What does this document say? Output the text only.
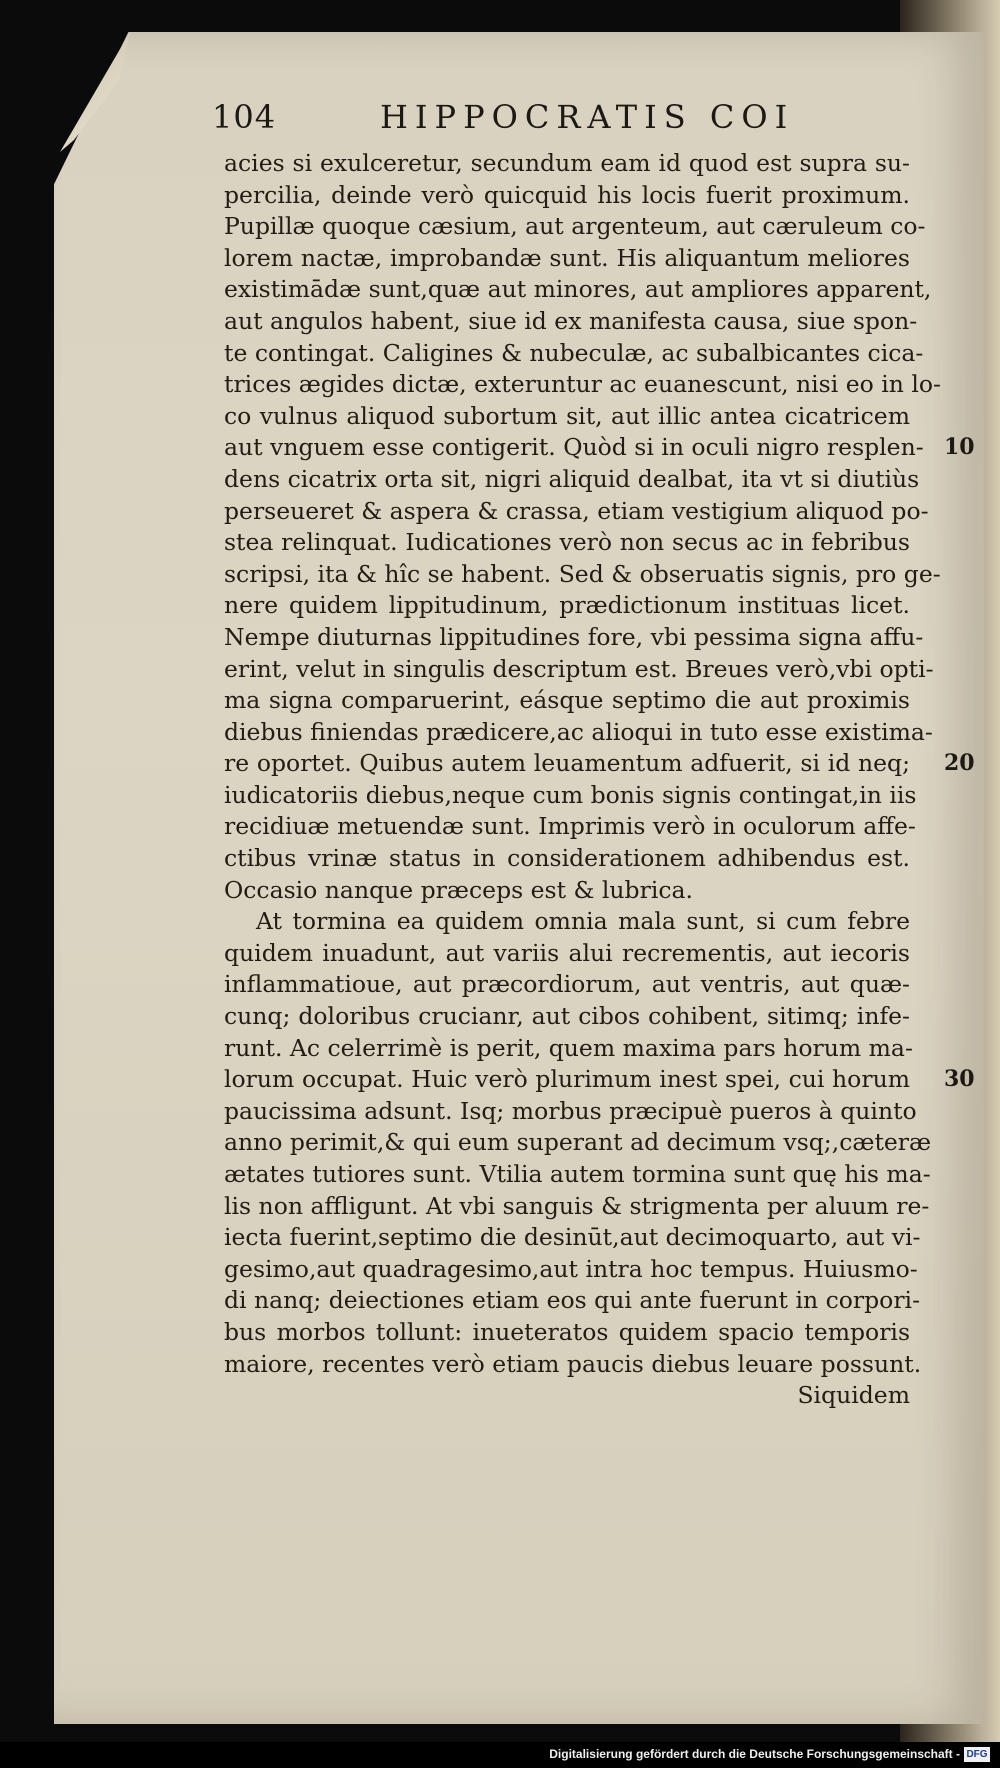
104	HIPPOCRATIS COI
acies si exulceretur, secundum eam id quod est supra su-
percilia, deinde verò quicquid his locis fuerit proximum.
Pupillæ quoque cæsium, aut argenteum, aut cæruleum co-
lorem nactæ, improbandæ sunt. His aliquantum meliores
existimādæ sunt,quæ aut minores, aut ampliores apparent,
aut angulos habent, siue id ex manifesta causa, siue spon-
te contingat. Caligines & nubeculæ, ac subalbicantes cica-
trices ægides dictæ, exteruntur ac euanescunt, nisi eo in lo-
co vulnus aliquod subortum sit, aut illic antea cicatricem
aut vnguem esse contigerit. Quòd si in oculi nigro resplen- 10
dens cicatrix orta sit, nigri aliquid dealbat, ita vt si diutiùs
perseueret & aspera & crassa, etiam vestigium aliquod po-
stea relinquat. Iudicationes verò non secus ac in febribus
scripsi, ita & hîc se habent. Sed & obseruatis signis, pro ge-
nere quidem lippitudinum, prædictionum instituas licet.
Nempe diuturnas lippitudines fore, vbi pessima signa affu-
erint, velut in singulis descriptum est. Breues verò,vbi opti-
ma signa comparuerint, eásque septimo die aut proximis
diebus finiendas prædicere,ac alioqui in tuto esse existima-
re oportet. Quibus autem leuamentum adfuerit, si id neq; 20
iudicatoriis diebus,neque cum bonis signis contingat,in iis
recidiuæ metuendæ sunt. Imprimis verò in oculorum affe-
ctibus vrinæ status in considerationem adhibendus est.
Occasio nanque præceps est & lubrica.
At tormina ea quidem omnia mala sunt, si cum febre
quidem inuadunt, aut variis alui recrementis, aut iecoris
inflammatioue, aut præcordiorum, aut ventris, aut quæ-
cunq; doloribus crucianr, aut cibos cohibent, sitimq; infe-
runt. Ac celerrimè is perit, quem maxima pars horum ma-
lorum occupat. Huic verò plurimum inest spei, cui horum 30
paucissima adsunt. Isq; morbus præcipuè pueros à quinto
anno perimit,& qui eum superant ad decimum vsq;,cæteræ
ætates tutiores sunt. Vtilia autem tormina sunt quę his ma-
lis non affligunt. At vbi sanguis & strigmenta per aluum re-
iecta fuerint,septimo die desinūt,aut decimoquarto, aut vi-
gesimo,aut quadragesimo,aut intra hoc tempus. Huiusmo-
di nanq; deiectiones etiam eos qui ante fuerunt in corpori-
bus morbos tollunt: inueteratos quidem spacio temporis
maiore, recentes verò etiam paucis diebus leuare possunt.
Siquidem
Digitalisierung gefördert durch die Deutsche Forschungsgemeinschaft - DFG
